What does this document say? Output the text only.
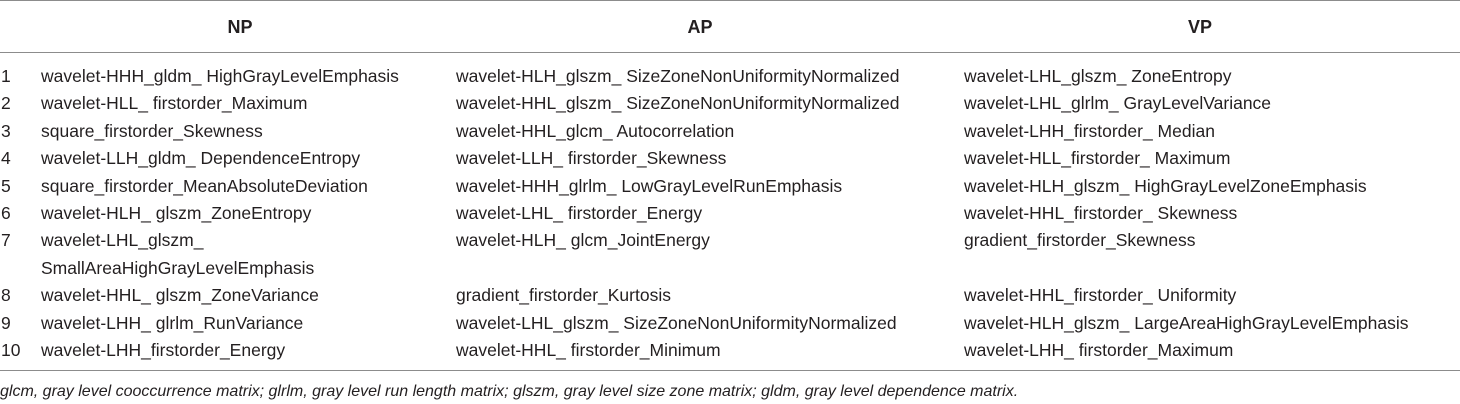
NP	AP	VP
1	wavelet-HHH_gldm_ HighGrayLevelEmphasis	wavelet-HLH_glszm_ SizeZoneNonUniformityNormalized	wavelet-LHL_glszm_ ZoneEntropy
2	wavelet-HLL_ firstorder_Maximum	wavelet-HHL_glszm_ SizeZoneNonUniformityNormalized	wavelet-LHL_glrlm_ GrayLevelVariance
3	square_firstorder_Skewness	wavelet-HHL_glcm_ Autocorrelation	wavelet-LHH_firstorder_ Median
4	wavelet-LLH_gldm_ DependenceEntropy	wavelet-LLH_ firstorder_Skewness	wavelet-HLL_firstorder_ Maximum
5	square_firstorder_MeanAbsoluteDeviation	wavelet-HHH_glrlm_ LowGrayLevelRunEmphasis	wavelet-HLH_glszm_ HighGrayLevelZoneEmphasis
6	wavelet-HLH_ glszm_ZoneEntropy	wavelet-LHL_ firstorder_Energy	wavelet-HHL_firstorder_ Skewness
7	wavelet-LHL_glszm_
SmallAreaHighGrayLevelEmphasis	wavelet-HLH_ glcm_JointEnergy	gradient_firstorder_Skewness
8	wavelet-HHL_ glszm_ZoneVariance	gradient_firstorder_Kurtosis	wavelet-HHL_firstorder_ Uniformity
9	wavelet-LHH_ glrlm_RunVariance	wavelet-LHL_glszm_ SizeZoneNonUniformityNormalized	wavelet-HLH_glszm_ LargeAreaHighGrayLevelEmphasis
10	wavelet-LHH_firstorder_Energy	wavelet-HHL_ firstorder_Minimum	wavelet-LHH_ firstorder_Maximum
glcm, gray level cooccurrence matrix; glrlm, gray level run length matrix; glszm, gray level size zone matrix; gldm, gray level dependence matrix.
